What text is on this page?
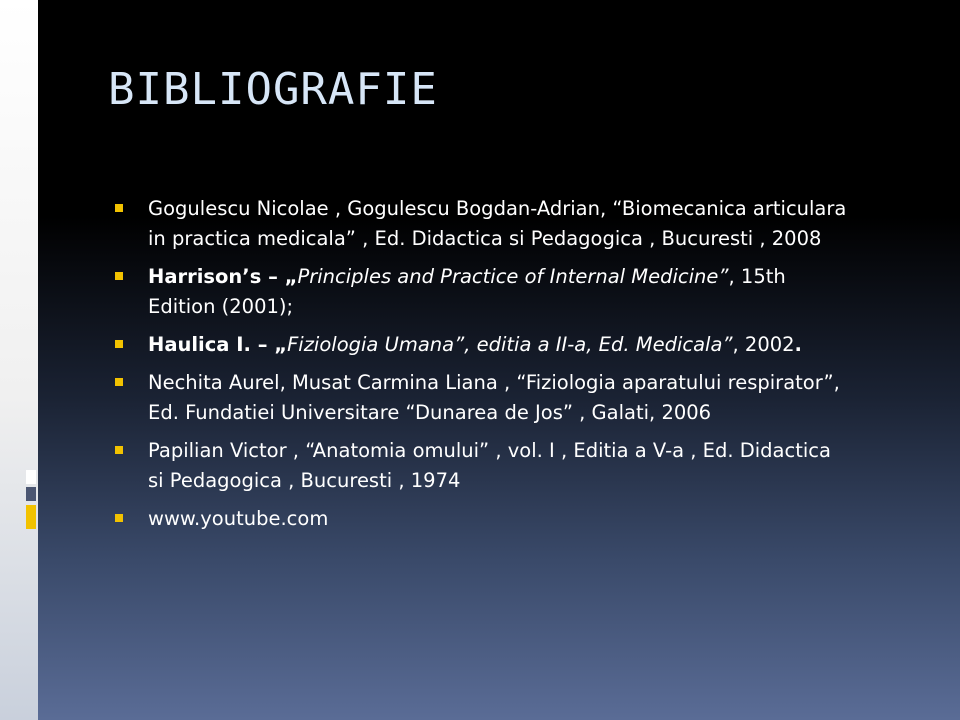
BIBLIOGRAFIE
Gogulescu Nicolae , Gogulescu Bogdan-Adrian, “Biomecanica articulara in practica medicala” , Ed. Didactica si Pedagogica , Bucuresti , 2008
Harrison’s – „Principles and Practice of Internal Medicine”, 15th Edition (2001);
Haulica I. – „Fiziologia Umana”, editia a II-a, Ed. Medicala”, 2002.
Nechita Aurel, Musat Carmina Liana , “Fiziologia aparatului respirator”, Ed. Fundatiei Universitare “Dunarea de Jos” , Galati, 2006
Papilian Victor , “Anatomia omului” , vol. I , Editia a V-a , Ed. Didactica si Pedagogica , Bucuresti , 1974
www.youtube.com
